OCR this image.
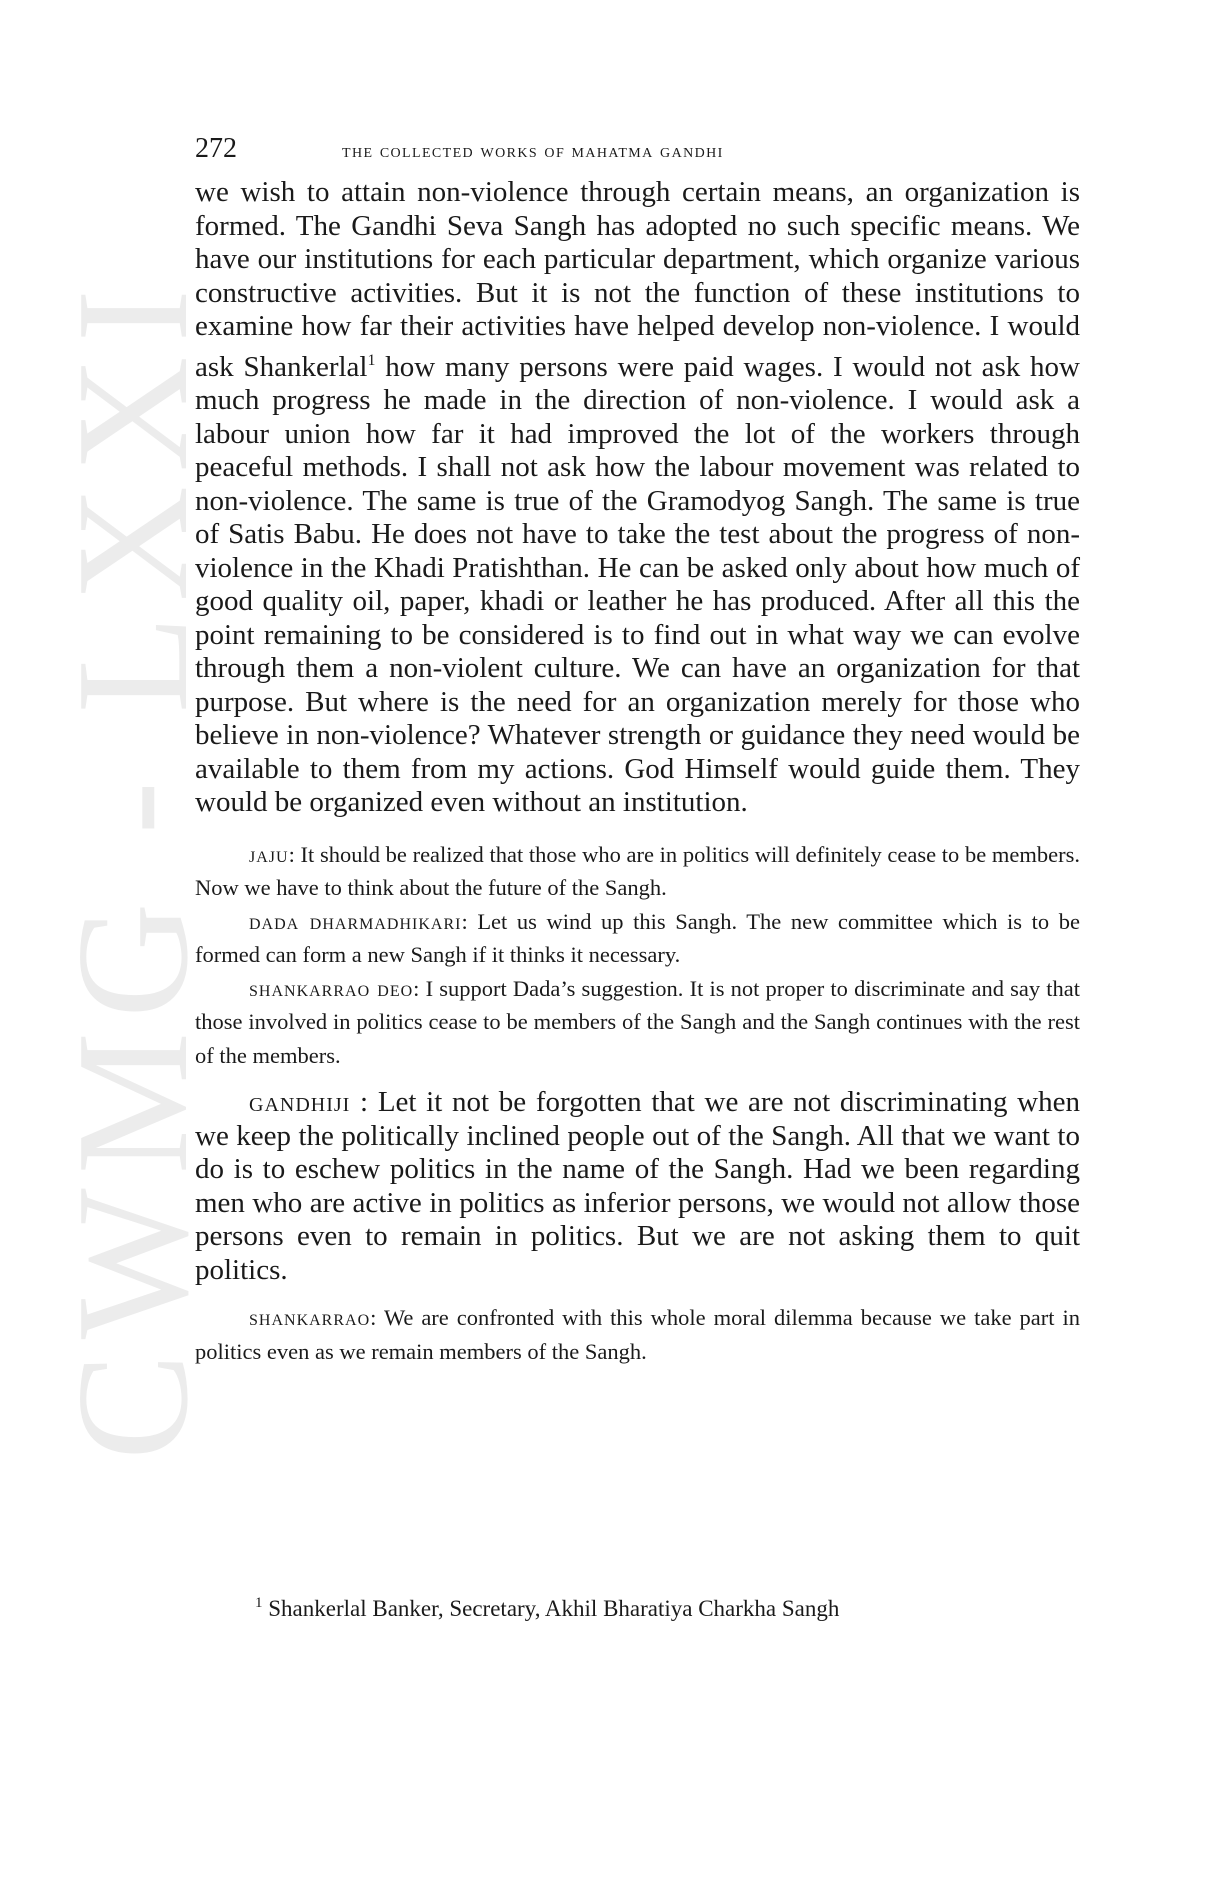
CWMG - LXXI
272	the collected works of mahatma gandhi

we wish to attain non-violence through certain means, an organization is formed. The Gandhi Seva Sangh has adopted no such specific means. We have our institutions for each particular department, which organize various constructive activities. But it is not the function of these institutions to examine how far their activities have helped develop non-violence. I would ask Shankerlal$^1$ how many persons were paid wages. I would not ask how much progress he made in the direction of non-violence. I would ask a labour union how far it had improved the lot of the workers through peaceful methods. I shall not ask how the labour movement was related to non-violence. The same is true of the Gramodyog Sangh. The same is true of Satis Babu. He does not have to take the test about the progress of non-violence in the Khadi Pratishthan. He can be asked only about how much of good quality oil, paper, khadi or leather he has produced. After all this the point remaining to be considered is to find out in what way we can evolve through them a non-violent culture. We can have an organization for that purpose. But where is the need for an organization merely for those who believe in non-violence? Whatever strength or guidance they need would be available to them from my actions. God Himself would guide them. They would be organized even without an institution.

jaju: It should be realized that those who are in politics will definitely cease to be members. Now we have to think about the future of the Sangh.

dada dharmadhikari: Let us wind up this Sangh. The new committee which is to be formed can form a new Sangh if it thinks it necessary.

shankarrao deo: I support Dada’s suggestion. It is not proper to discriminate and say that those involved in politics cease to be members of the Sangh and the Sangh continues with the rest of the members.

gandhiji : Let it not be forgotten that we are not discriminating when we keep the politically inclined people out of the Sangh. All that we want to do is to eschew politics in the name of the Sangh. Had we been regarding men who are active in politics as inferior persons, we would not allow those persons even to remain in politics. But we are not asking them to quit politics.

shankarrao: We are confronted with this whole moral dilemma because we take part in politics even as we remain members of the Sangh.

$^1$ Shankerlal Banker, Secretary, Akhil Bharatiya Charkha Sangh
